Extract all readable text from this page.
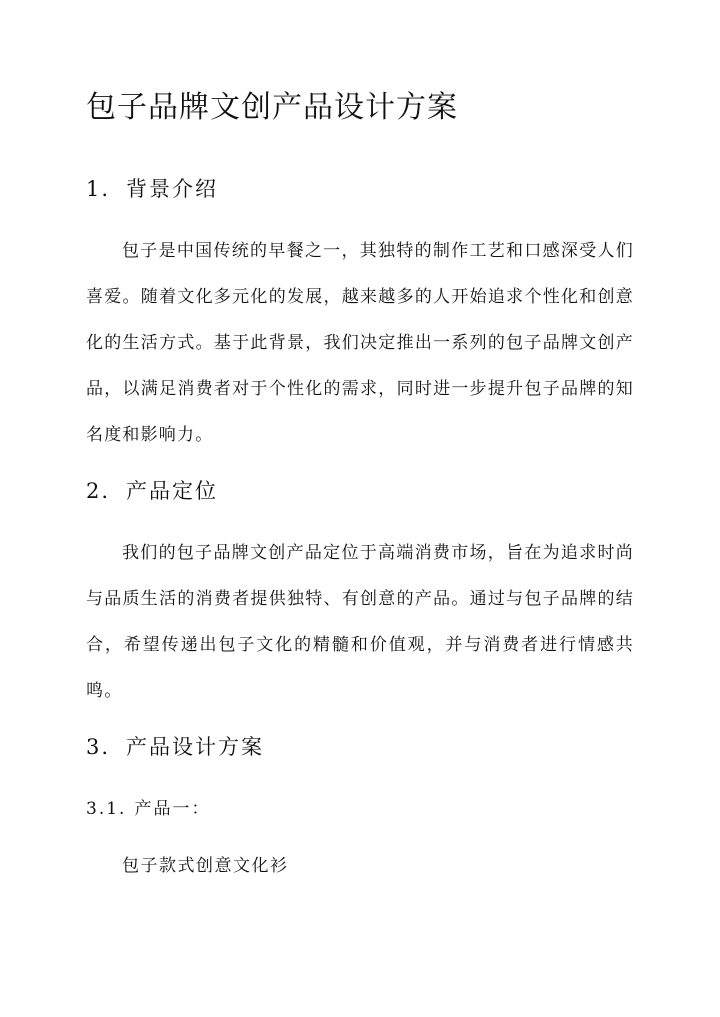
包子品牌文创产品设计方案
1. 背景介绍

包子是中国传统的早餐之一，其独特的制作工艺和口感深受人们喜爱。随着文化多元化的发展，越来越多的人开始追求个性化和创意化的生活方式。基于此背景，我们决定推出一系列的包子品牌文创产品，以满足消费者对于个性化的需求，同时进一步提升包子品牌的知名度和影响力。

2. 产品定位

我们的包子品牌文创产品定位于高端消费市场，旨在为追求时尚与品质生活的消费者提供独特、有创意的产品。通过与包子品牌的结合，希望传递出包子文化的精髓和价值观，并与消费者进行情感共鸣。

3. 产品设计方案
3.1. 产品一：

包子款式创意文化衫
